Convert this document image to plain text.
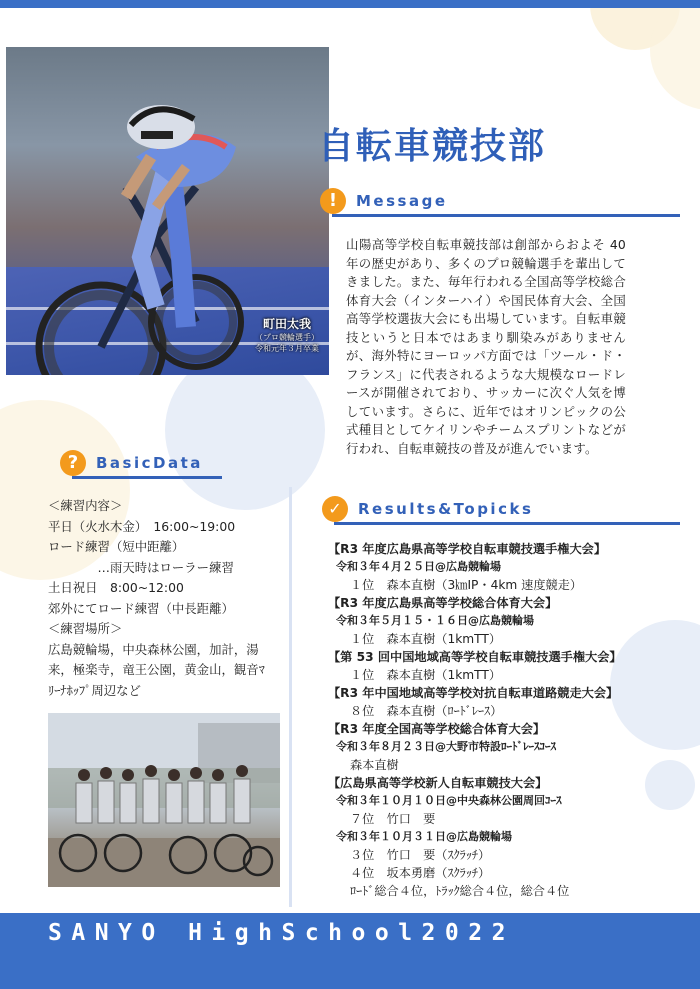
町田太我
（プロ競輪選手）
令和元年３月卒業
自転車競技部
!	Message
山陽高等学校自転車競技部は創部からおよそ 40 年の歴史があり、多くのプロ競輪選手を輩出してきました。また、毎年行われる全国高等学校総合体育大会（インターハイ）や国民体育大会、全国高等学校選抜大会にも出場しています。自転車競技というと日本ではあまり馴染みがありませんが、海外特にヨーロッパ方面では「ツール・ド・フランス」に代表されるような大規模なロードレースが開催されており、サッカーに次ぐ人気を博しています。さらに、近年ではオリンピックの公式種目としてケイリンやチームスプリントなどが行われ、自転車競技の普及が進んでいます。
?	BasicData
＜練習内容＞
平日（火水木金）　16:00~19:00
ロード練習（短中距離）
　　　　…雨天時はローラー練習
土日祝日　8:00~12:00
郊外にてロード練習（中長距離）
＜練習場所＞
広島競輪場，中央森林公園，加計，湯
来，極楽寺，竜王公園，黄金山，観音ﾏ
ﾘｰﾅﾎｯﾌﾟ周辺など
✓	Results&Topicks
【R3 年度広島県高等学校自転車競技選手権大会】
令和３年４月２５日@広島競輪場
１位　森本直樹（3㎞IP・4km 速度競走）
【R3 年度広島県高等学校総合体育大会】
令和３年５月１５・１６日@広島競輪場
１位　森本直樹（1kmTT）
【第 53 回中国地域高等学校自転車競技選手権大会】
１位　森本直樹（1kmTT）
【R3 年中国地域高等学校対抗自転車道路競走大会】
８位　森本直樹（ﾛｰﾄﾞﾚｰｽ）
【R3 年度全国高等学校総合体育大会】
令和３年８月２３日@大野市特設ﾛｰﾄﾞﾚｰｽｺｰｽ
森本直樹
【広島県高等学校新人自転車競技大会】
令和３年１０月１０日@中央森林公園周回ｺｰｽ
７位　竹口　要
令和３年１０月３１日@広島競輪場
３位　竹口　要（ｽｸﾗｯﾁ）
４位　坂本勇磨（ｽｸﾗｯﾁ）
ﾛｰﾄﾞ総合４位，ﾄﾗｯｸ総合４位，総合４位
SANYO HighSchool2022
